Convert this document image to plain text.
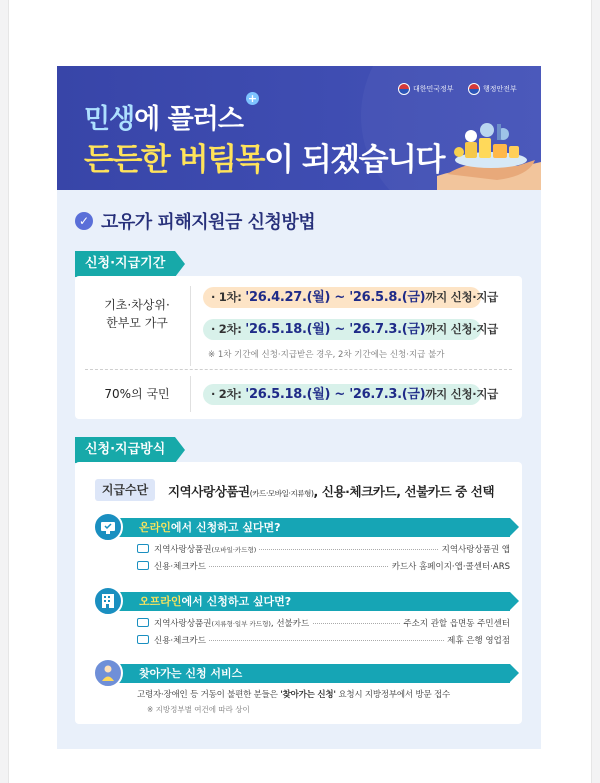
대한민국정부	행정안전부
민생에 플러스
+
든든한 버팀목이 되겠습니다
✓ 고유가 피해지원금 신청방법
신청·지급기간
기초·차상위·
한부모 가구
· 1차: '26.4.27.(월) ~ '26.5.8.(금)까지 신청·지급
· 2차: '26.5.18.(월) ~ '26.7.3.(금)까지 신청·지급
※ 1차 기간에 신청·지급받은 경우, 2차 기간에는 신청·지급 불가
70%의 국민	· 2차: '26.5.18.(월) ~ '26.7.3.(금)까지 신청·지급
신청·지급방식
지급수단	지역사랑상품권(카드·모바일·지류형), 신용·체크카드, 선불카드 중 선택
온라인에서 신청하고 싶다면?
지역사랑상품권(모바일·카드형)	지역사랑상품권 앱
신용·체크카드	카드사 홈페이지·앱·콜센터·ARS
오프라인에서 신청하고 싶다면?
지역사랑상품권(지류형·일부 카드형), 선불카드	주소지 관할 읍면동 주민센터
신용·체크카드	제휴 은행 영업점
찾아가는 신청 서비스
고령자·장애인 등 거동이 불편한 분들은 '찾아가는 신청' 요청시 지방정부에서 방문 접수
※ 지방정부별 여건에 따라 상이
